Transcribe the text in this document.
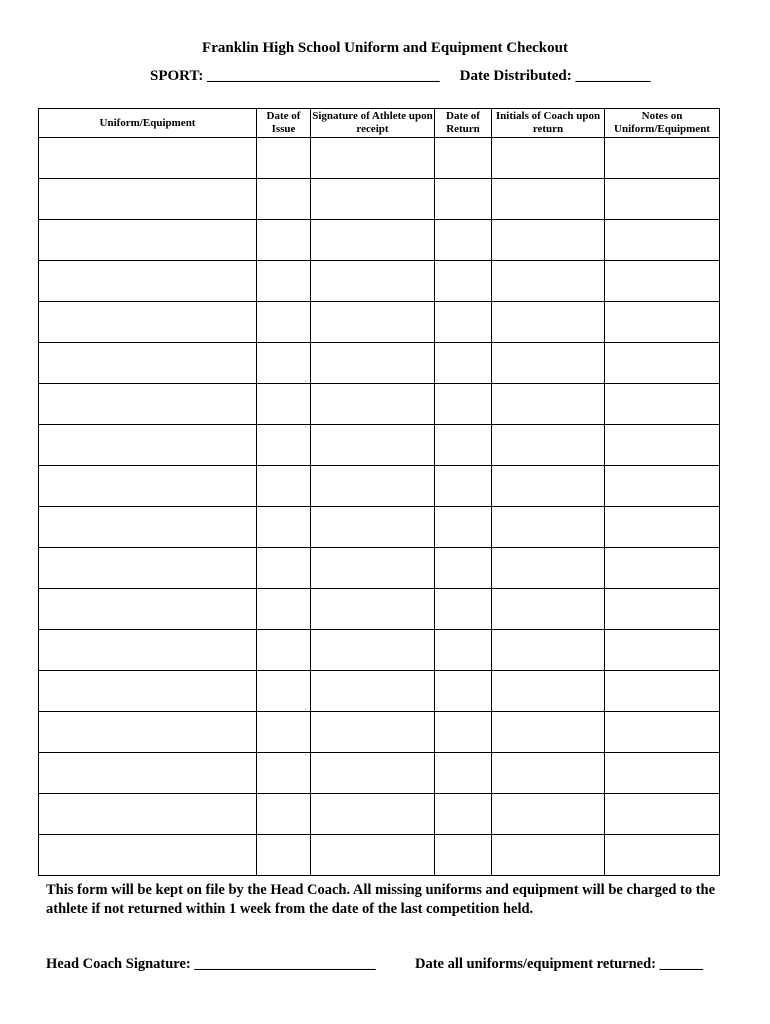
Franklin High School Uniform and Equipment Checkout
SPORT: _______________________________ Date Distributed: __________
Uniform/Equipment	Date of Issue	Signature of Athlete upon receipt	Date of Return	Initials of Coach upon return	Notes on Uniform/Equipment

This form will be kept on file by the Head Coach. All missing uniforms and equipment will be charged to the athlete if not returned within 1 week from the date of the last competition held.
Head Coach Signature: _________________________	Date all uniforms/equipment returned: ______
